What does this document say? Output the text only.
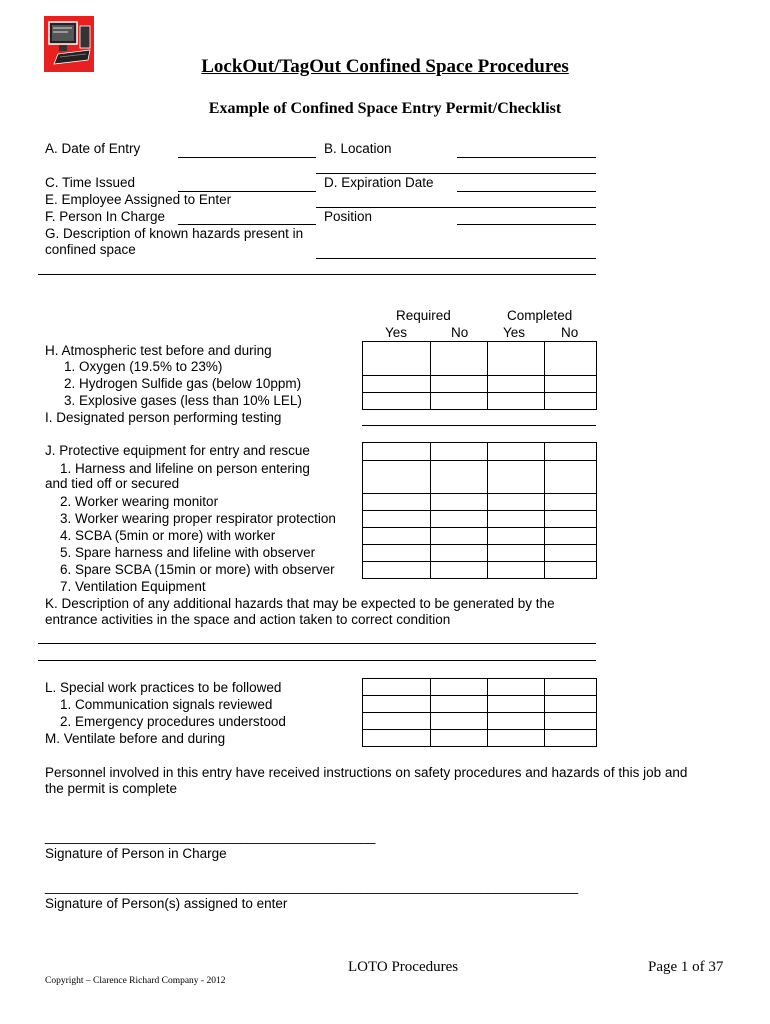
LockOut/TagOut Confined Space Procedures
Example of Confined Space Entry Permit/Checklist
A. Date of Entry	B. Location
C. Time Issued	D. Expiration Date
E. Employee Assigned to Enter
F. Person In Charge	Position
G. Description of known hazards present in
confined space
Required	Completed
Yes	No	Yes	No
H. Atmospheric test before and during
1. Oxygen (19.5% to 23%)
2. Hydrogen Sulfide gas (below 10ppm)
3. Explosive gases (less than 10% LEL)
I. Designated person performing testing

J. Protective equipment for entry and rescue
1. Harness and lifeline on person entering
and tied off or secured
2. Worker wearing monitor
3. Worker wearing proper respirator protection
4. SCBA (5min or more) with worker
5. Spare harness and lifeline with observer
6. Spare SCBA (15min or more) with observer
7. Ventilation Equipment

K. Description of any additional hazards that may be expected to be generated by the
entrance activities in the space and action taken to correct condition
L. Special work practices to be followed
1. Communication signals reviewed
2. Emergency procedures understood
M. Ventilate before and during

Personnel involved in this entry have received instructions on safety procedures and hazards of this job and
the permit is complete
____________________________________________
Signature of Person in Charge
_______________________________________________________________________
Signature of Person(s) assigned to enter
LOTO Procedures	Page 1 of 37
Copyright – Clarence Richard Company - 2012
